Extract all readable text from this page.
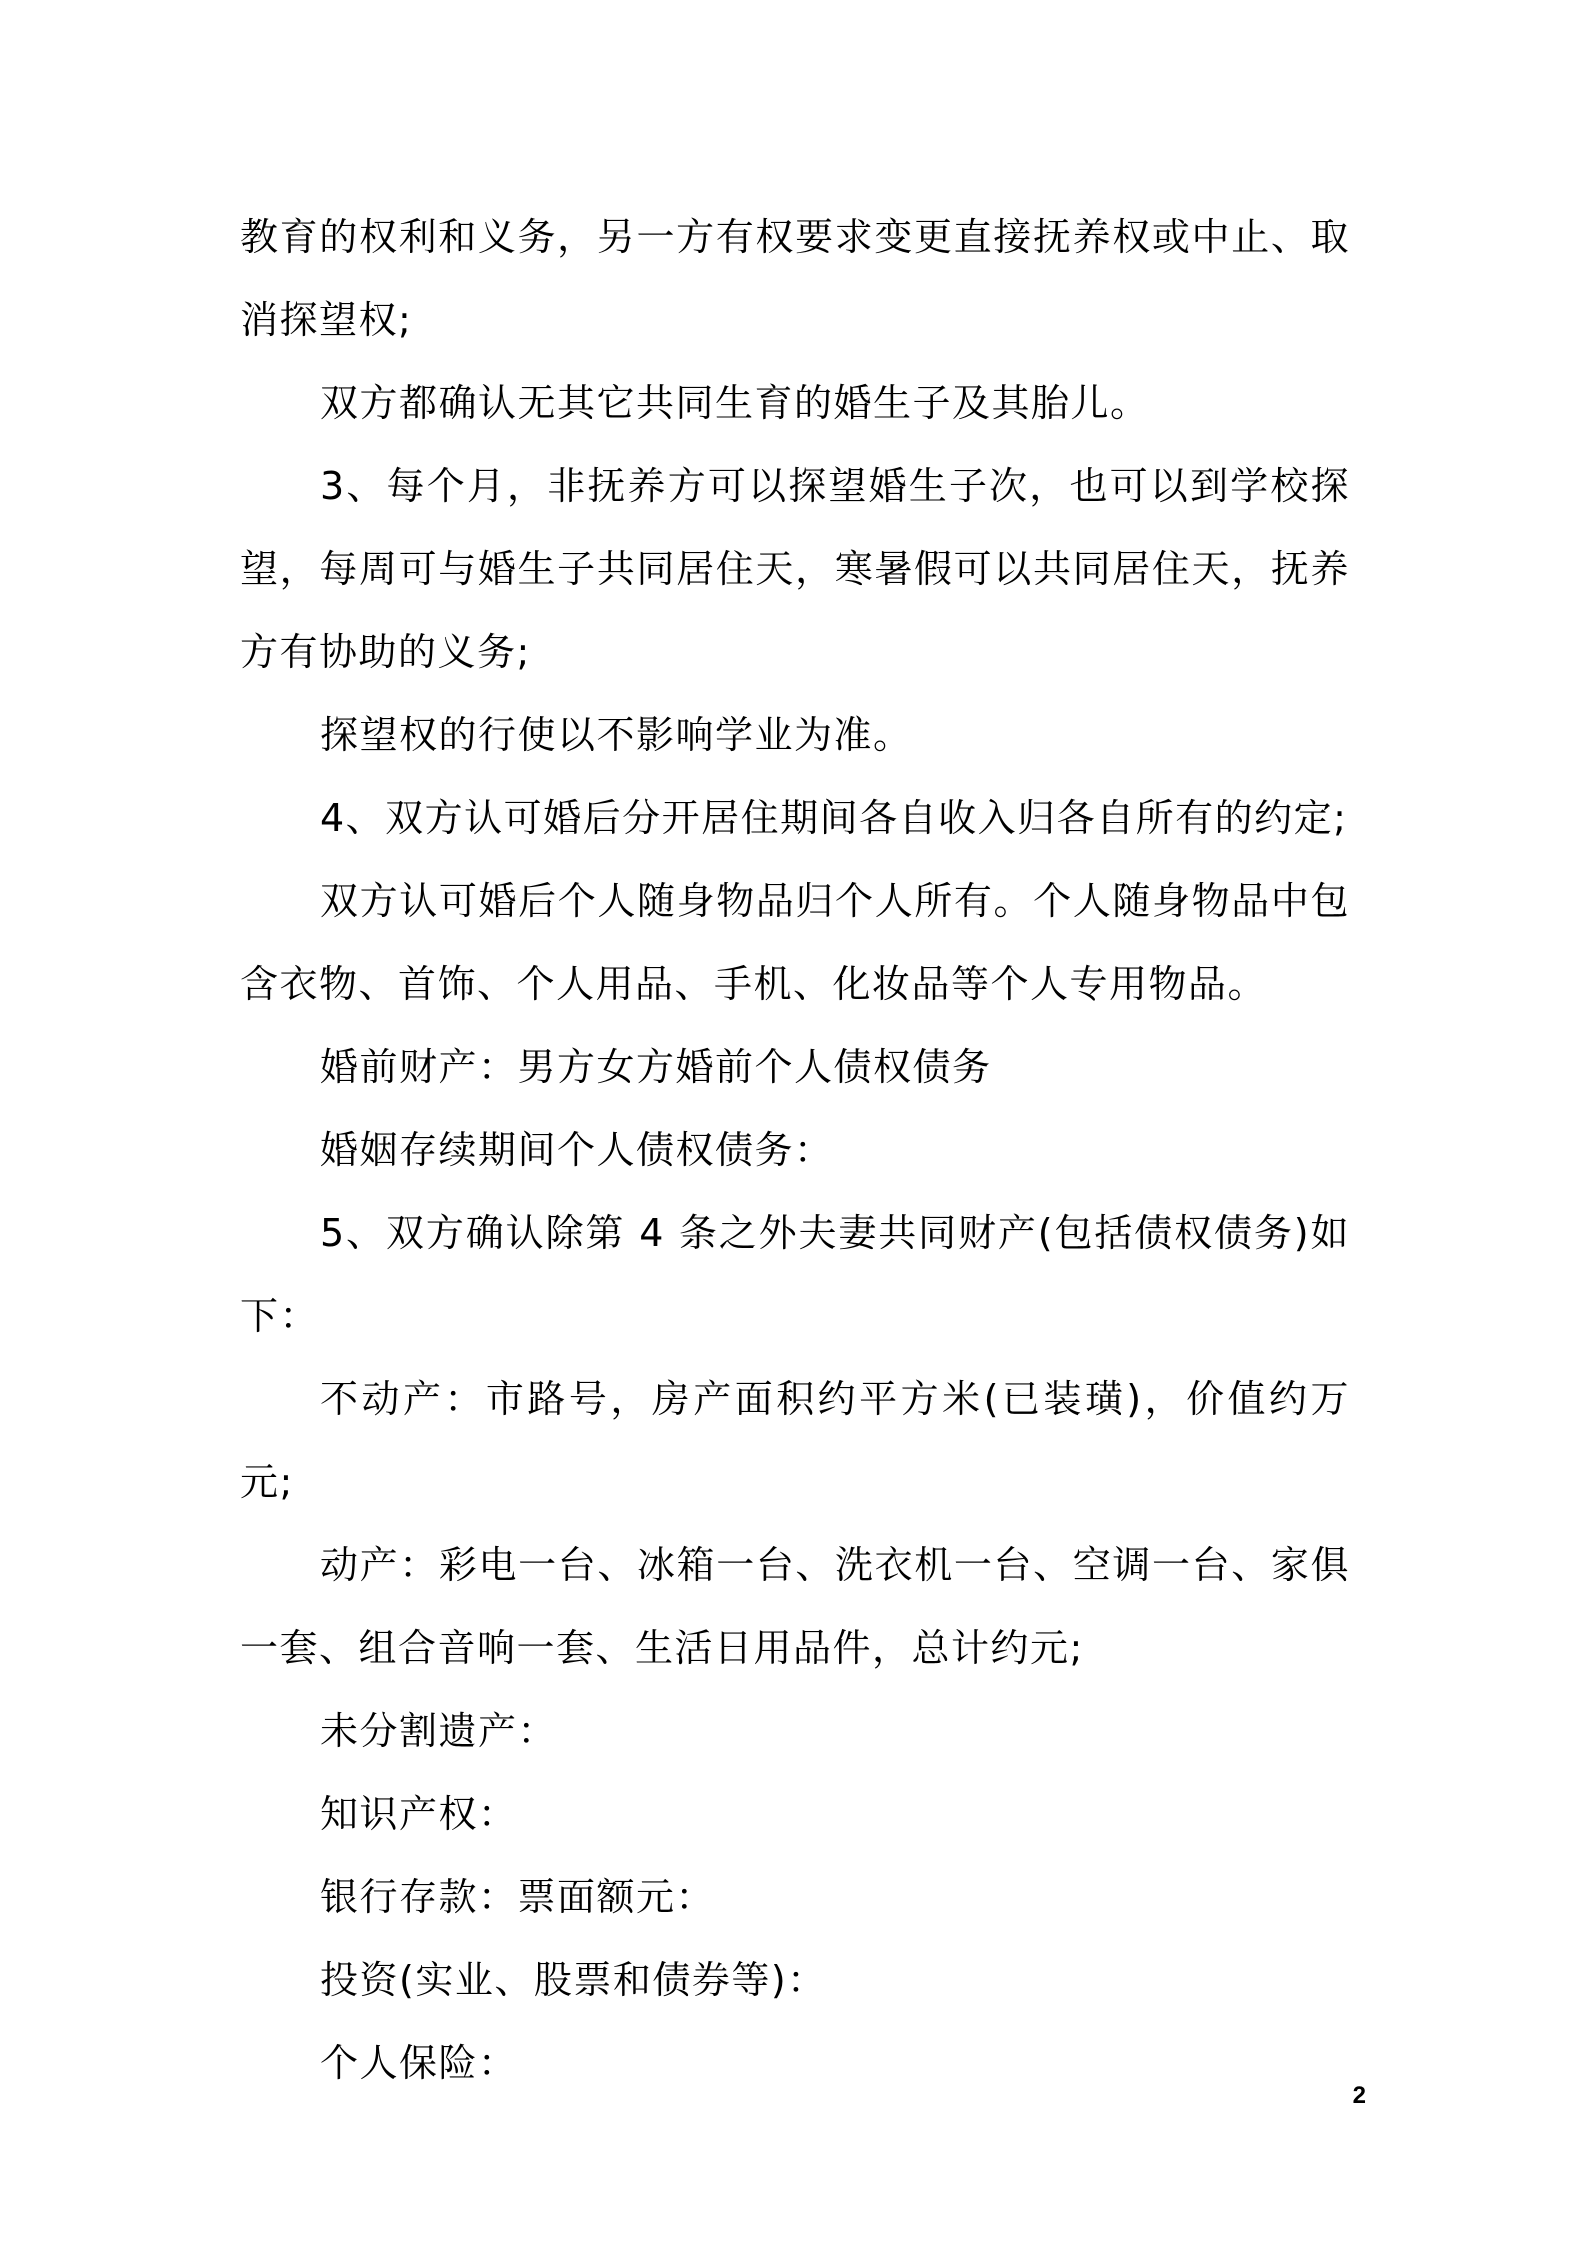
教育的权利和义务，另一方有权要求变更直接抚养权或中止、取消探望权;

双方都确认无其它共同生育的婚生子及其胎儿。

3、每个月，非抚养方可以探望婚生子次，也可以到学校探望，每周可与婚生子共同居住天，寒暑假可以共同居住天，抚养方有协助的义务;

探望权的行使以不影响学业为准。

4、双方认可婚后分开居住期间各自收入归各自所有的约定;

双方认可婚后个人随身物品归个人所有。个人随身物品中包含衣物、首饰、个人用品、手机、化妆品等个人专用物品。

婚前财产：男方女方婚前个人债权债务

婚姻存续期间个人债权债务：

5、双方确认除第 4 条之外夫妻共同财产(包括债权债务)如下：

不动产：市路号，房产面积约平方米(已装璜)，价值约万元;

动产：彩电一台、冰箱一台、洗衣机一台、空调一台、家俱一套、组合音响一套、生活日用品件，总计约元;

未分割遗产：

知识产权：

银行存款：票面额元：

投资(实业、股票和债券等)：

个人保险：

2
